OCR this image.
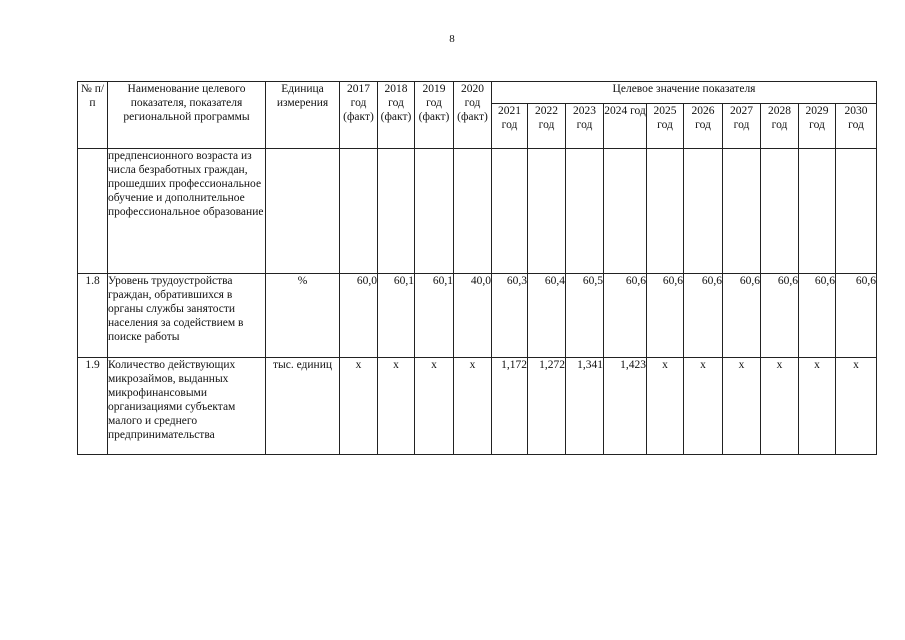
8
№ п/п	Наименование целевого показателя, показателя региональной программы	Единица измерения	2017 год (факт)	2018 год (факт)	2019 год (факт)	2020 год (факт)	Целевое значение показателя									
							2021 год	2022 год	2023 год	2024 год	2025 год	2026 год	2027 год	2028 год	2029 год	2030 год
	предпенсионного возраста из числа безработных граждан, прошедших профессиональное обучение и дополнительное профессиональное образование															
1.8	Уровень трудоустройства граждан, обратившихся в органы службы занятости населения за содействием в поиске работы	%	60,0	60,1	60,1	40,0	60,3	60,4	60,5	60,6	60,6	60,6	60,6	60,6	60,6	60,6
1.9	Количество действующих микрозаймов, выданных микрофинансовыми организациями субъектам малого и среднего предпринимательства	тыс. единиц	x	x	x	x	1,172	1,272	1,341	1,423	x	x	x	x	x	x
